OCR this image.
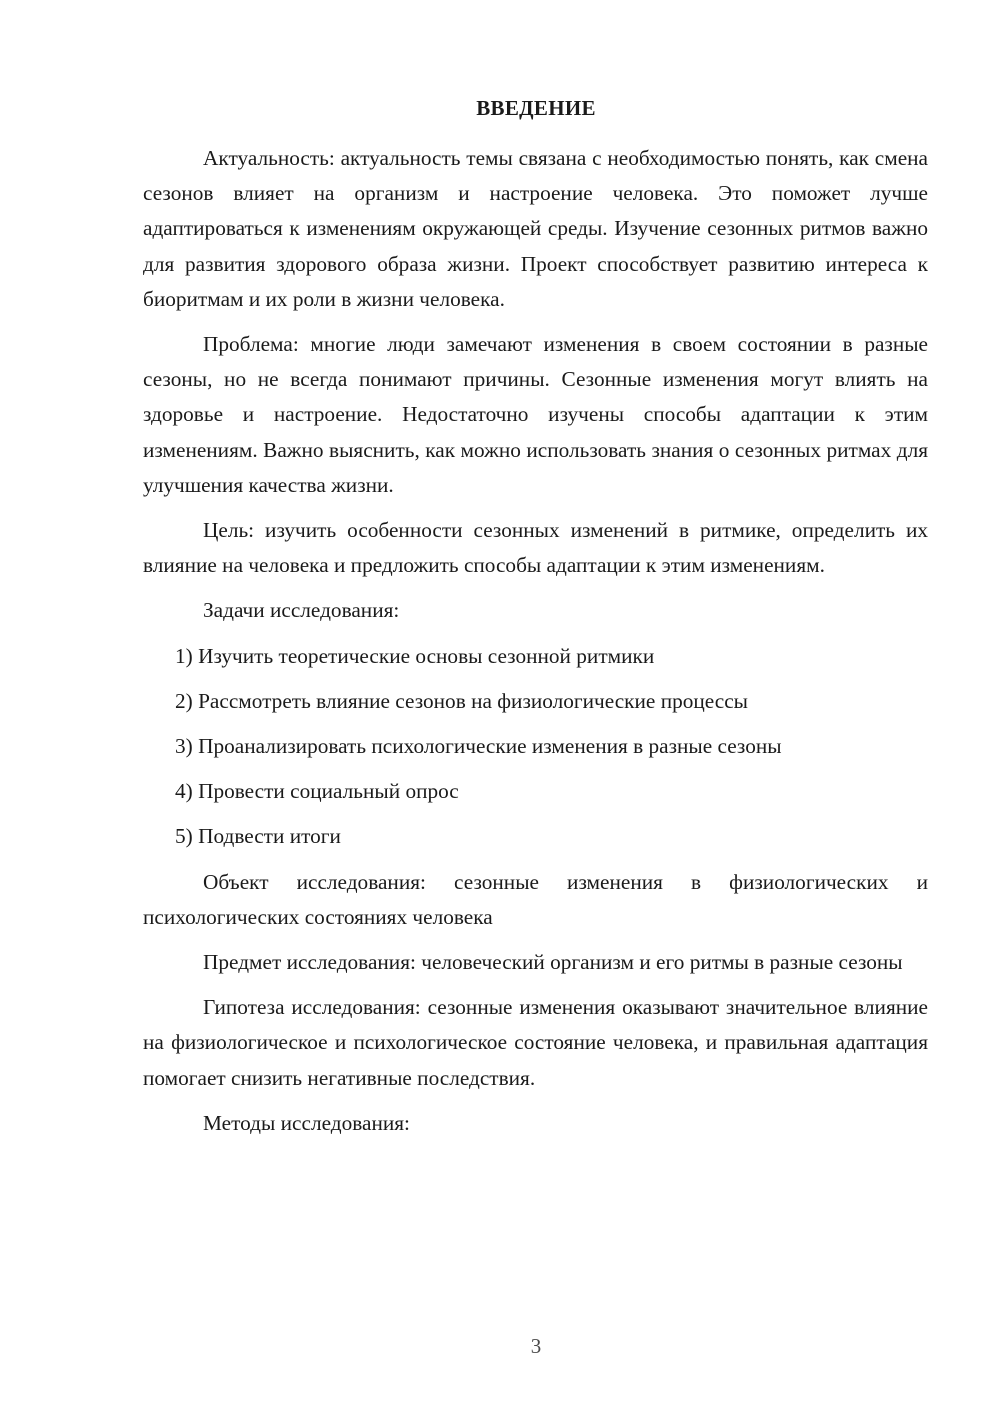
ВВЕДЕНИЕ

Актуальность: актуальность темы связана с необходимостью понять, как смена сезонов влияет на организм и настроение человека. Это поможет лучше адаптироваться к изменениям окружающей среды. Изучение сезонных ритмов важно для развития здорового образа жизни. Проект способствует развитию интереса к биоритмам и их роли в жизни человека.

Проблема: многие люди замечают изменения в своем состоянии в разные сезоны, но не всегда понимают причины. Сезонные изменения могут влиять на здоровье и настроение. Недостаточно изучены способы адаптации к этим изменениям. Важно выяснить, как можно использовать знания о сезонных ритмах для улучшения качества жизни.

Цель: изучить особенности сезонных изменений в ритмике, определить их влияние на человека и предложить способы адаптации к этим изменениям.

Задачи исследования:

1) Изучить теоретические основы сезонной ритмики

2) Рассмотреть влияние сезонов на физиологические процессы

3) Проанализировать психологические изменения в разные сезоны

4) Провести социальный опрос

5) Подвести итоги

Объект исследования: сезонные изменения в физиологических и психологических состояниях человека

Предмет исследования: человеческий организм и его ритмы в разные сезоны

Гипотеза исследования: сезонные изменения оказывают значительное влияние на физиологическое и психологическое состояние человека, и правильная адаптация помогает снизить негативные последствия.

Методы исследования:

3
